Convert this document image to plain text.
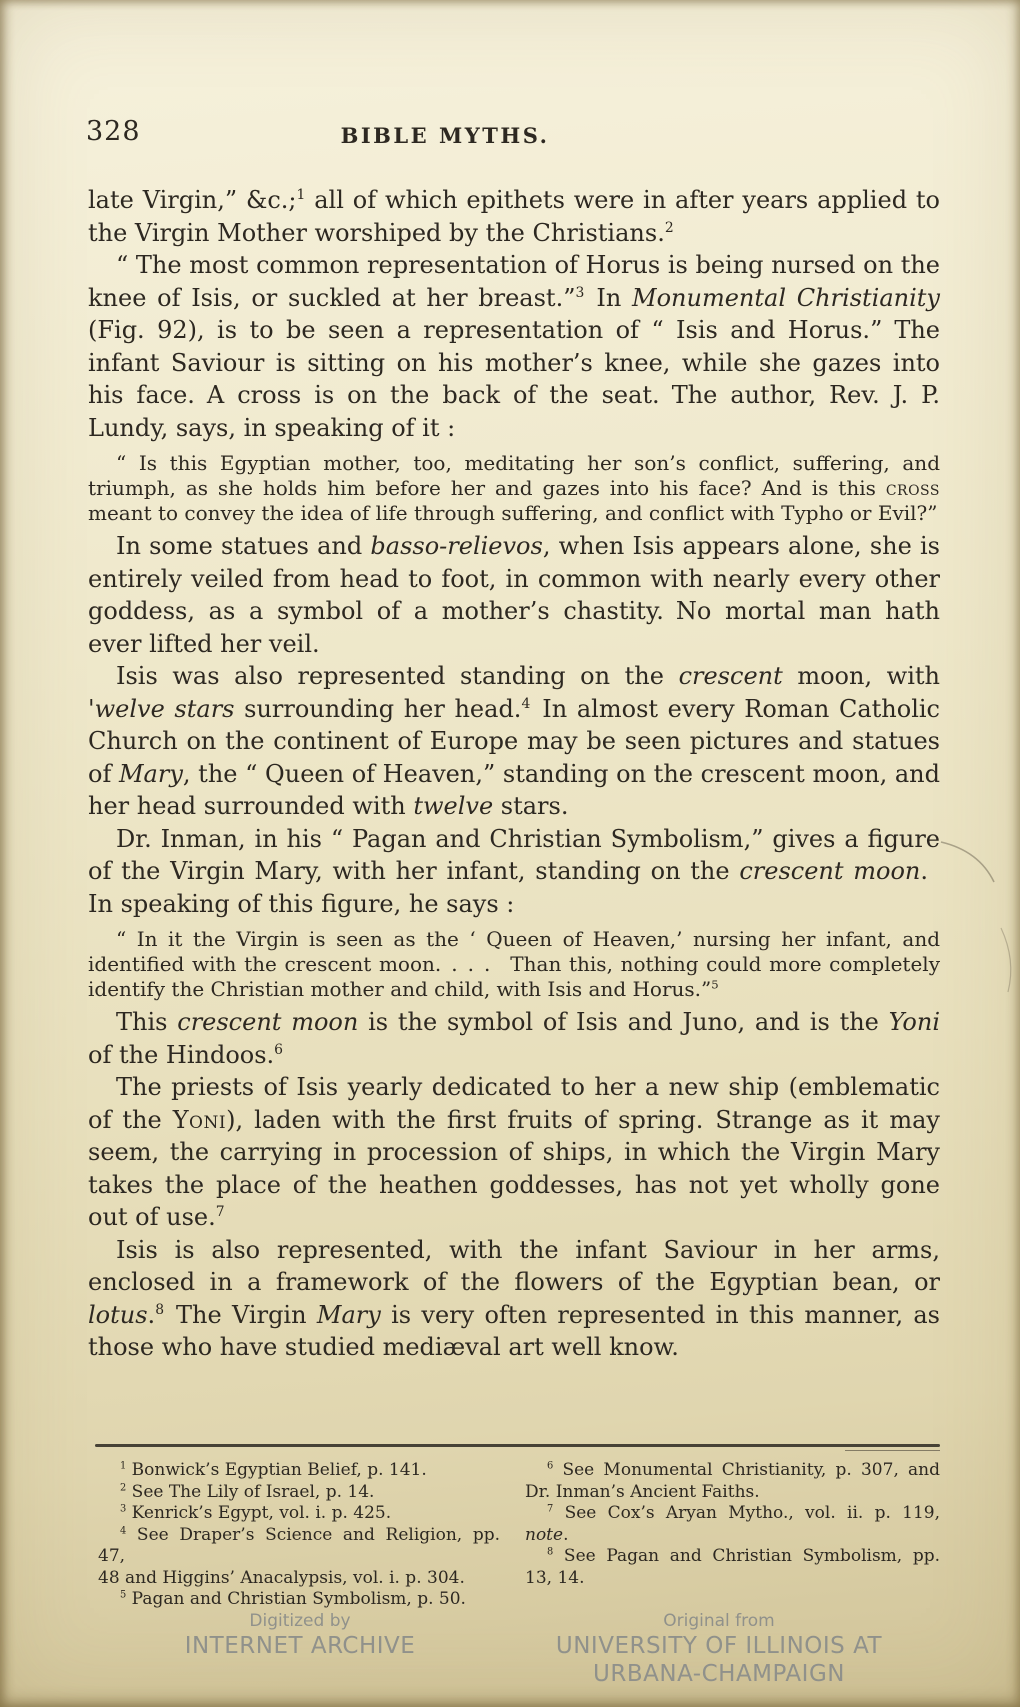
328	BIBLE MYTHS.

late Virgin,” &c.;$^1$ all of which epithets were in after years applied to the Virgin Mother worshiped by the Christians.$^2$

“ The most common representation of Horus is being nursed on the knee of Isis, or suckled at her breast.”$^3$ In Monumental Christianity (Fig. 92), is to be seen a representation of “ Isis and Horus.” The infant Saviour is sitting on his mother’s knee, while she gazes into his face. A cross is on the back of the seat. The author, Rev. J. P. Lundy, says, in speaking of it :

“ Is this Egyptian mother, too, meditating her son’s conflict, suffering, and triumph, as she holds him before her and gazes into his face? And is this cross meant to convey the idea of life through suffering, and conflict with Typho or Evil?”

In some statues and basso-relievos, when Isis appears alone, she is entirely veiled from head to foot, in common with nearly every other goddess, as a symbol of a mother’s chastity. No mortal man hath ever lifted her veil.

Isis was also represented standing on the crescent moon, with 'welve stars surrounding her head.$^4$ In almost every Roman Catholic Church on the continent of Europe may be seen pictures and statues of Mary, the “ Queen of Heaven,” standing on the crescent moon, and her head surrounded with twelve stars.

Dr. Inman, in his “ Pagan and Christian Symbolism,” gives a figure of the Virgin Mary, with her infant, standing on the crescent moon. In speaking of this figure, he says :

“ In it the Virgin is seen as the ‘ Queen of Heaven,’ nursing her infant, and identified with the crescent moon. . . . Than this, nothing could more completely identify the Christian mother and child, with Isis and Horus.”$^5$

This crescent moon is the symbol of Isis and Juno, and is the Yoni of the Hindoos.$^6$

The priests of Isis yearly dedicated to her a new ship (emblematic of the Yoni), laden with the first fruits of spring. Strange as it may seem, the carrying in procession of ships, in which the Virgin Mary takes the place of the heathen goddesses, has not yet wholly gone out of use.$^7$

Isis is also represented, with the infant Saviour in her arms, enclosed in a framework of the flowers of the Egyptian bean, or lotus.$^8$ The Virgin Mary is very often represented in this manner, as those who have studied mediæval art well know.

$^1$ Bonwick’s Egyptian Belief, p. 141.
$^2$ See The Lily of Israel, p. 14.
$^3$ Kenrick’s Egypt, vol. i. p. 425.
$^4$ See Draper’s Science and Religion, pp. 47,
48 and Higgins’ Anacalypsis, vol. i. p. 304.
$^5$ Pagan and Christian Symbolism, p. 50.
$^6$ See Monumental Christianity, p. 307, and
Dr. Inman’s Ancient Faiths.
$^7$ See Cox’s Aryan Mytho., vol. ii. p. 119,
note.
$^8$ See Pagan and Christian Symbolism, pp.
13, 14.
Digitized by
INTERNET ARCHIVE
Original from
UNIVERSITY OF ILLINOIS AT
URBANA-CHAMPAIGN
